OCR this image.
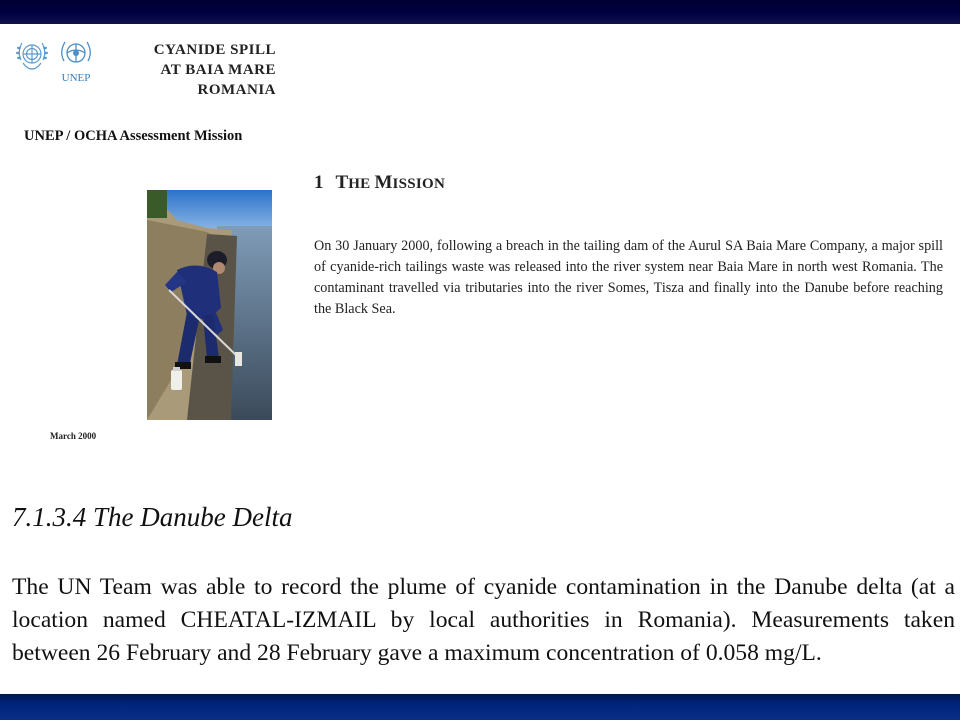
UNEP
CYANIDE SPILL
AT BAIA MARE
ROMANIA
UNEP / OCHA Assessment Mission
March 2000
1 THE MISSION

On 30 January 2000, following a breach in the tailing dam of the Aurul SA Baia Mare Company, a major spill of cyanide-rich tailings waste was released into the river system near Baia Mare in north west Romania. The contaminant travelled via tributaries into the river Somes, Tisza and finally into the Danube before reaching the Black Sea.

7.1.3.4 The Danube Delta

The UN Team was able to record the plume of cyanide contamination in the Danube delta (at a location named CHEATAL-IZMAIL by local authorities in Romania). Measurements taken between 26 February and 28 February gave a maximum concentration of 0.058 mg/L.
